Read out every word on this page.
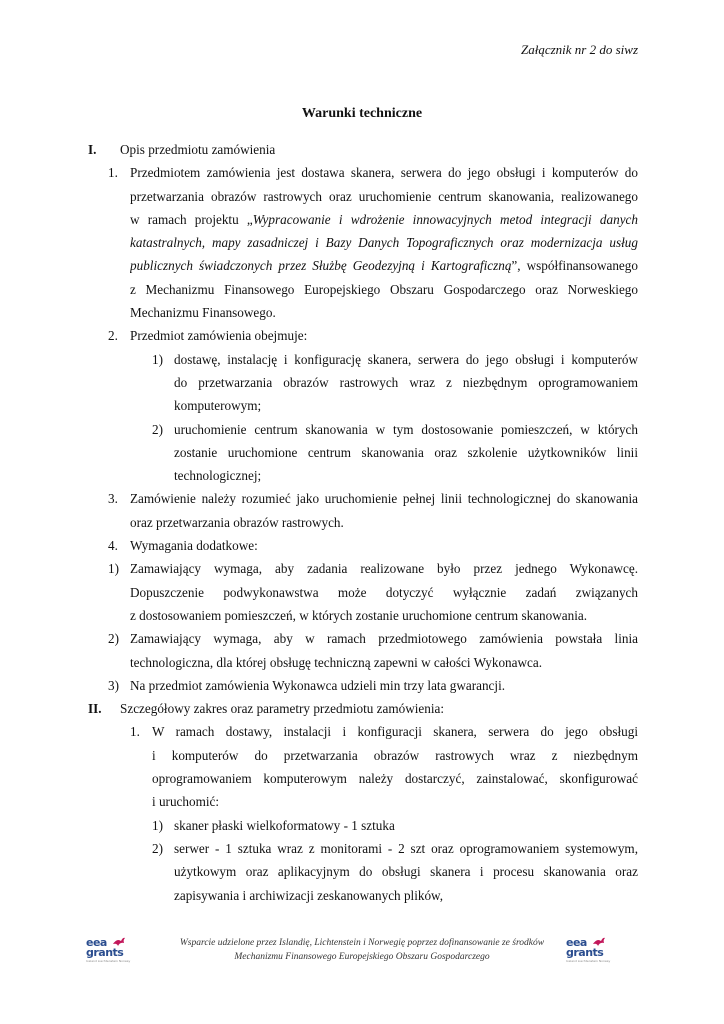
Załącznik nr 2 do siwz
Warunki techniczne
I. Opis przedmiotu zamówienia
1. Przedmiotem zamówienia jest dostawa skanera, serwera do jego obsługi i komputerów do
przetwarzania obrazów rastrowych oraz uruchomienie centrum skanowania, realizowanego
w ramach projektu „Wypracowanie i wdrożenie innowacyjnych metod integracji danych
katastralnych, mapy zasadniczej i Bazy Danych Topograficznych oraz modernizacja usług
publicznych świadczonych przez Służbę Geodezyjną i Kartograficzną”, współfinansowanego
z Mechanizmu Finansowego Europejskiego Obszaru Gospodarczego oraz Norweskiego
Mechanizmu Finansowego.
2. Przedmiot zamówienia obejmuje:
1) dostawę, instalację i konfigurację skanera, serwera do jego obsługi i komputerów
do przetwarzania obrazów rastrowych wraz z niezbędnym oprogramowaniem
komputerowym;
2) uruchomienie centrum skanowania w tym dostosowanie pomieszczeń, w których
zostanie uruchomione centrum skanowania oraz szkolenie użytkowników linii
technologicznej;
3. Zamówienie należy rozumieć jako uruchomienie pełnej linii technologicznej do skanowania
oraz przetwarzania obrazów rastrowych.
4. Wymagania dodatkowe:
1) Zamawiający wymaga, aby zadania realizowane było przez jednego Wykonawcę.
Dopuszczenie podwykonawstwa może dotyczyć wyłącznie zadań związanych
z dostosowaniem pomieszczeń, w których zostanie uruchomione centrum skanowania.
2) Zamawiający wymaga, aby w ramach przedmiotowego zamówienia powstała linia
technologiczna, dla której obsługę techniczną zapewni w całości Wykonawca.
3) Na przedmiot zamówienia Wykonawca udzieli min trzy lata gwarancji.
II. Szczegółowy zakres oraz parametry przedmiotu zamówienia:
1. W ramach dostawy, instalacji i konfiguracji skanera, serwera do jego obsługi
i komputerów do przetwarzania obrazów rastrowych wraz z niezbędnym
oprogramowaniem komputerowym należy dostarczyć, zainstalować, skonfigurować
i uruchomić:
1) skaner płaski wielkoformatowy - 1 sztuka
2) serwer - 1 sztuka wraz z monitorami - 2 szt oraz oprogramowaniem systemowym,
użytkowym oraz aplikacyjnym do obsługi skanera i procesu skanowania oraz
zapisywania i archiwizacji zeskanowanych plików,
eea
grants
Iceland Liechtenstein Norway
Wsparcie udzielone przez Islandię, Lichtenstein i Norwegię poprzez dofinansowanie ze środków
Mechanizmu Finansowego Europejskiego Obszaru Gospodarczego
eea
grants
Iceland Liechtenstein Norway
